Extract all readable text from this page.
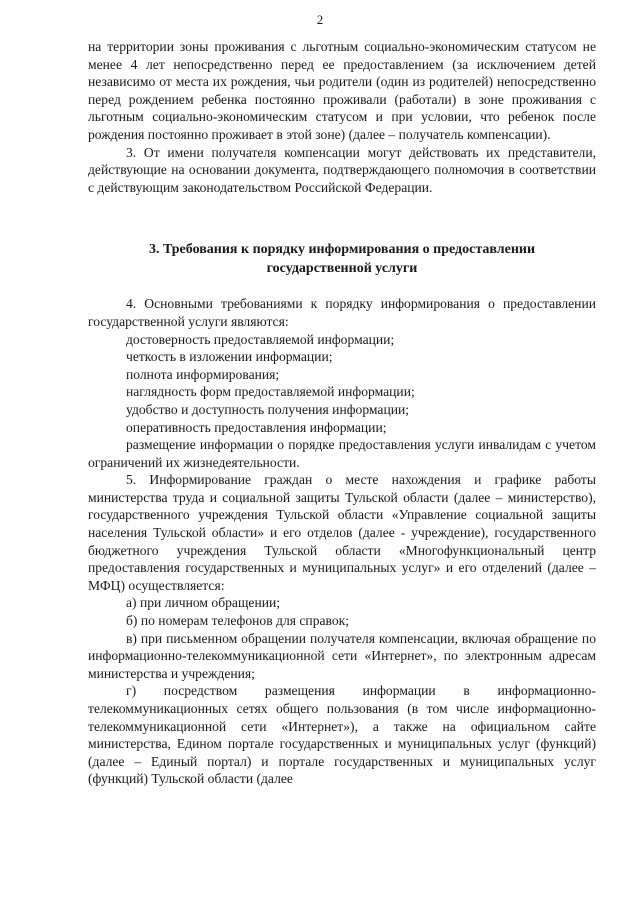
2

на территории зоны проживания с льготным социально-экономическим статусом не менее 4 лет непосредственно перед ее предоставлением (за исключением детей независимо от места их рождения, чьи родители (один из родителей) непосредственно перед рождением ребенка постоянно проживали (работали) в зоне проживания с льготным социально-экономическим статусом и при условии, что ребенок после рождения постоянно проживает в этой зоне) (далее – получатель компенсации).

3. От имени получателя компенсации могут действовать их представители, действующие на основании документа, подтверждающего полномочия в соответствии с действующим законодательством Российской Федерации.

3. Требования к порядку информирования о предоставлении
государственной услуги

4. Основными требованиями к порядку информирования о предоставлении государственной услуги являются:

достоверность предоставляемой информации;

четкость в изложении информации;

полнота информирования;

наглядность форм предоставляемой информации;

удобство и доступность получения информации;

оперативность предоставления информации;

размещение информации о порядке предоставления услуги инвалидам с учетом ограничений их жизнедеятельности.

5. Информирование граждан о месте нахождения и графике работы министерства труда и социальной защиты Тульской области (далее – министерство), государственного учреждения Тульской области «Управление социальной защиты населения Тульской области» и его отделов (далее - учреждение), государственного бюджетного учреждения Тульской области «Многофункциональный центр предоставления государственных и муниципальных услуг» и его отделений (далее – МФЦ) осуществляется:

а) при личном обращении;

б) по номерам телефонов для справок;

в) при письменном обращении получателя компенсации, включая обращение по информационно-телекоммуникационной сети «Интернет», по электронным адресам министерства и учреждения;

г) посредством размещения информации в информационно-телекоммуникационных сетях общего пользования (в том числе информационно-телекоммуникационной сети «Интернет»), а также на официальном сайте министерства, Едином портале государственных и муниципальных услуг (функций) (далее – Единый портал) и портале государственных и муниципальных услуг (функций) Тульской области (далее
